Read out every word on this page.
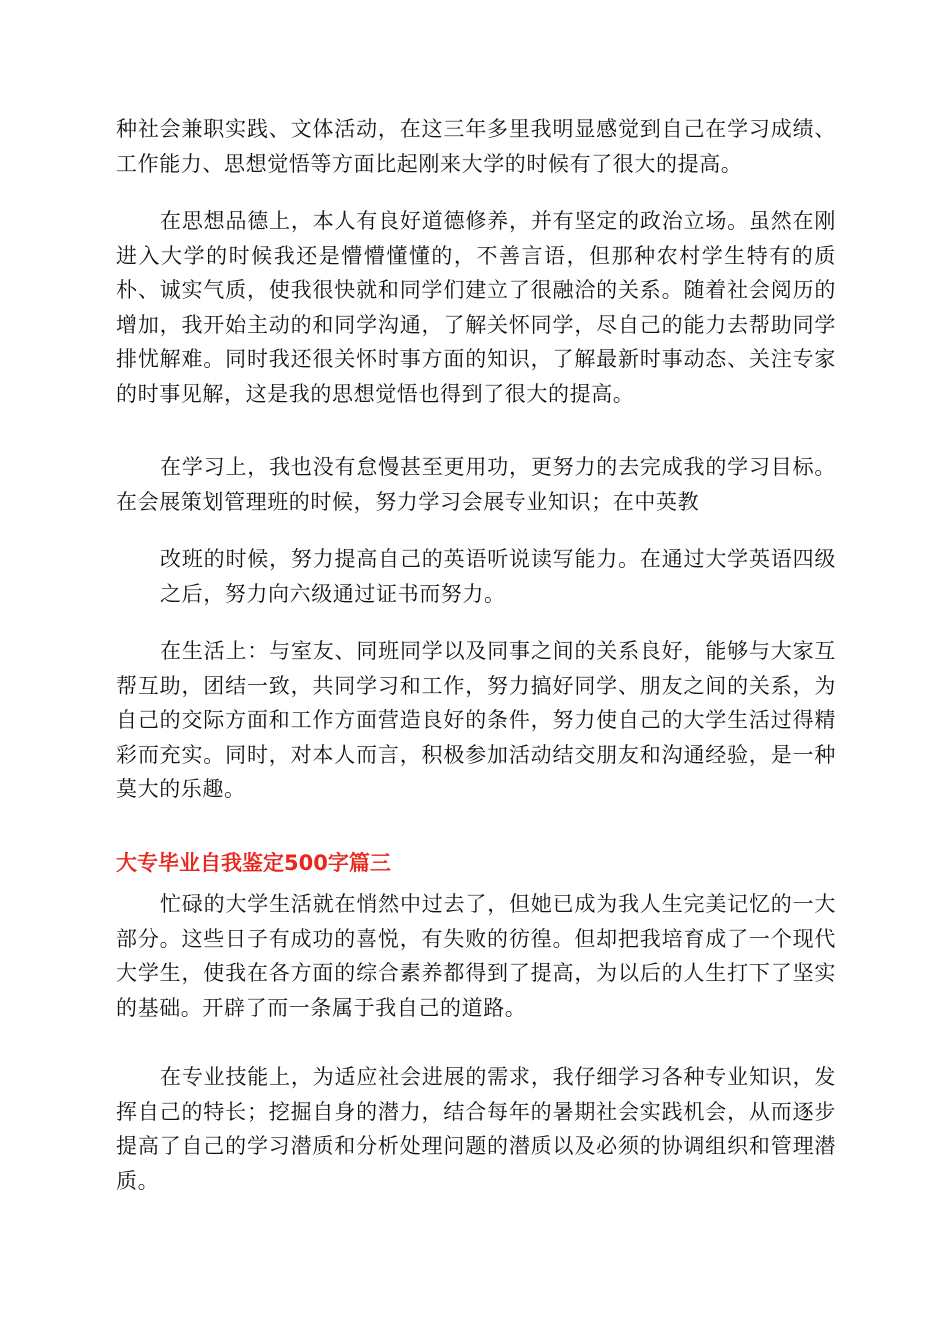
种社会兼职实践、文体活动，在这三年多里我明显感觉到自己在学习成绩、工作能力、思想觉悟等方面比起刚来大学的时候有了很大的提高。

在思想品德上，本人有良好道德修养，并有坚定的政治立场。虽然在刚进入大学的时候我还是懵懵懂懂的，不善言语，但那种农村学生特有的质朴、诚实气质，使我很快就和同学们建立了很融洽的关系。随着社会阅历的增加，我开始主动的和同学沟通，了解关怀同学，尽自己的能力去帮助同学排忧解难。同时我还很关怀时事方面的知识，了解最新时事动态、关注专家的时事见解，这是我的思想觉悟也得到了很大的提高。

在学习上，我也没有怠慢甚至更用功，更努力的去完成我的学习目标。在会展策划管理班的时候，努力学习会展专业知识；在中英教

改班的时候，努力提高自己的英语听说读写能力。在通过大学英语四级之后，努力向六级通过证书而努力。

在生活上：与室友、同班同学以及同事之间的关系良好，能够与大家互帮互助，团结一致，共同学习和工作，努力搞好同学、朋友之间的关系，为自己的交际方面和工作方面营造良好的条件，努力使自己的大学生活过得精彩而充实。同时，对本人而言，积极参加活动结交朋友和沟通经验，是一种莫大的乐趣。

大专毕业自我鉴定500字篇三

忙碌的大学生活就在悄然中过去了，但她已成为我人生完美记忆的一大部分。这些日子有成功的喜悦，有失败的彷徨。但却把我培育成了一个现代大学生，使我在各方面的综合素养都得到了提高，为以后的人生打下了坚实的基础。开辟了而一条属于我自己的道路。

在专业技能上，为适应社会进展的需求，我仔细学习各种专业知识，发挥自己的特长；挖掘自身的潜力，结合每年的暑期社会实践机会，从而逐步提高了自己的学习潜质和分析处理问题的潜质以及必须的协调组织和管理潜质。
